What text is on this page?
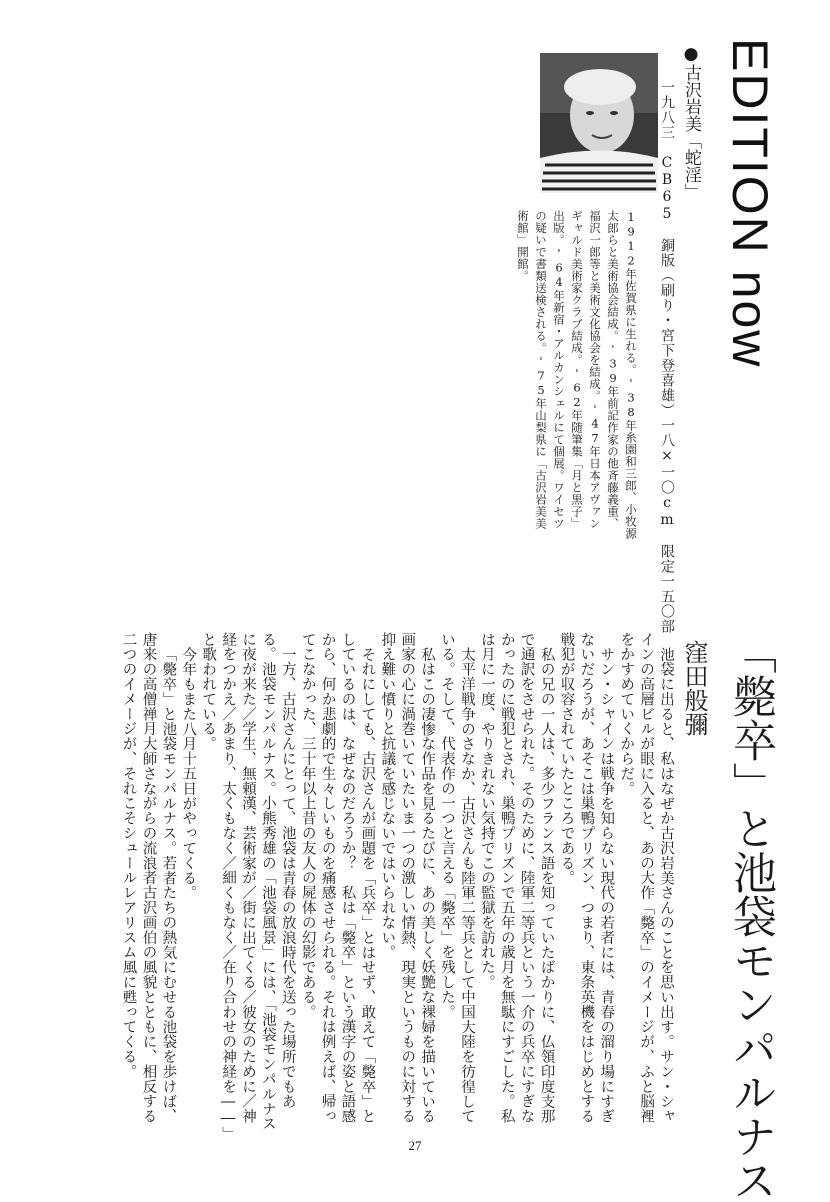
EDITION now
●古沢岩美「蛇淫」
一九八三　CB65　銅版（刷り・宮下登喜雄）一八×一〇cm　限定一五〇部
1912年佐賀県に生れる。'38年糸園和三郎、小牧源太郎らと美術協会結成。'39年前記作家の他斉藤義重、福沢一郎等と美術文化協会を結成。'47年日本アヴァンギャルド美術家クラブ結成。'62年随筆集「月と黒子」出版。'64年新宿・アルカンシェルにて個展。ワイセツの疑いで書類送検される。'75年山梨県に「古沢岩美美術館」開館。
「斃卒」と池袋モンパルナス
窪田般彌

池袋に出ると、私はなぜか古沢岩美さんのことを思い出す。サン・シャインの高層ビルが眼に入ると、あの大作「斃卒」のイメージが、ふと脳裡をかすめていくからだ。

サン・シャインは戦争を知らない現代の若者には、青春の溜り場にすぎないだろうが、あそこは巣鴨プリズン、つまり、東条英機をはじめとする戦犯が収容されていたところである。

私の兄の一人は、多少フランス語を知っていたばかりに、仏領印度支那で通訳をさせられた。そのために、陸軍二等兵という一介の兵卒にすぎなかったのに戦犯とされ、巣鴨プリズンで五年の歳月を無駄にすごした。私は月に一度、やりきれない気持でこの監獄を訪れた。

太平洋戦争のさなか、古沢さんも陸軍二等兵として中国大陸を彷徨している。そして、代表作の一つと言える「斃卒」を残した。

私はこの凄惨な作品を見るたびに、あの美しく妖艶な裸婦を描いている画家の心に渦巻いていたいま一つの激しい情熱、現実というものに対する抑え難い憤りと抗議を感じないではいられない。

それにしても、古沢さんが画題を「兵卒」とはせず、敢えて「斃卒」としているのは、なぜなのだろうか？　私は「斃卒」という漢字の姿と語感から、何か悲劇的で生々しいものを痛感させられる。それは例えば、帰ってこなかった、三十年以上昔の友人の屍体の幻影である。

一方、古沢さんにとって、池袋は青春の放浪時代を送った場所でもある。池袋モンパルナス。小熊秀雄の「池袋風景」には、「池袋モンパルナスに夜が来た／学生、無頼漢、芸術家が／街に出てくる／彼女のために／神経をつかえ／あまり、太くもなく／細くもなく／在り合わせの神経を――」と歌われている。

今年もまた八月十五日がやってくる。

「斃卒」と池袋モンパルナス。若者たちの熱気にむせる池袋を歩けば、唐来の高僧禅月大師さながらの流浪者古沢画伯の風貌とともに、相反する二つのイメージが、それこそシュールレアリスム風に甦ってくる。

27
